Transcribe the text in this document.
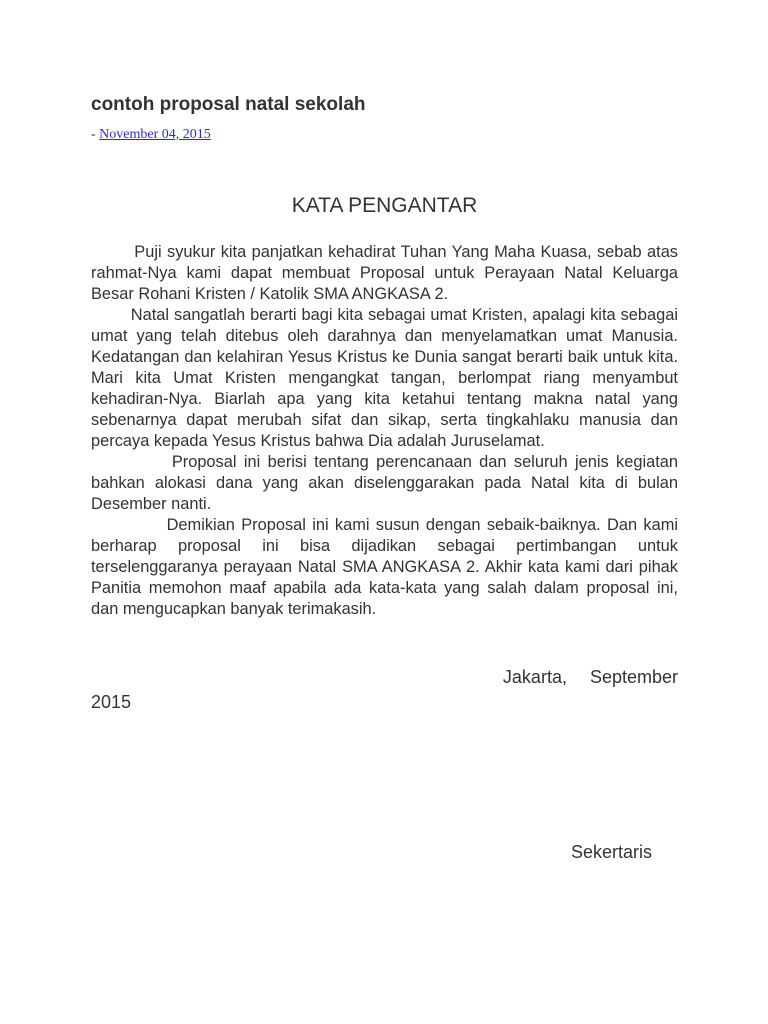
contoh proposal natal sekolah
- November 04, 2015
KATA PENGANTAR

Puji syukur kita panjatkan kehadirat Tuhan Yang Maha Kuasa, sebab atas rahmat-Nya kami dapat membuat Proposal untuk Perayaan Natal Keluarga Besar Rohani Kristen / Katolik SMA ANGKASA 2.

Natal sangatlah berarti bagi kita sebagai umat Kristen, apalagi kita sebagai umat yang telah ditebus oleh darahnya dan menyelamatkan umat Manusia. Kedatangan dan kelahiran Yesus Kristus ke Dunia sangat berarti baik untuk kita. Mari kita Umat Kristen mengangkat tangan, berlompat riang menyambut kehadiran-Nya. Biarlah apa yang kita ketahui tentang makna natal yang sebenarnya dapat merubah sifat dan sikap, serta tingkahlaku manusia dan percaya kepada Yesus Kristus bahwa Dia adalah Juruselamat.

Proposal ini berisi tentang perencanaan dan seluruh jenis kegiatan bahkan alokasi dana yang akan diselenggarakan pada Natal kita di bulan Desember nanti.

Demikian Proposal ini kami susun dengan sebaik-baiknya. Dan kami berharap proposal ini bisa dijadikan sebagai pertimbangan untuk terselenggaranya perayaan Natal SMA ANGKASA 2. Akhir kata kami dari pihak Panitia memohon maaf apabila ada kata-kata yang salah dalam proposal ini, dan mengucapkan banyak terimakasih.

Jakarta, September
2015
Sekertaris
